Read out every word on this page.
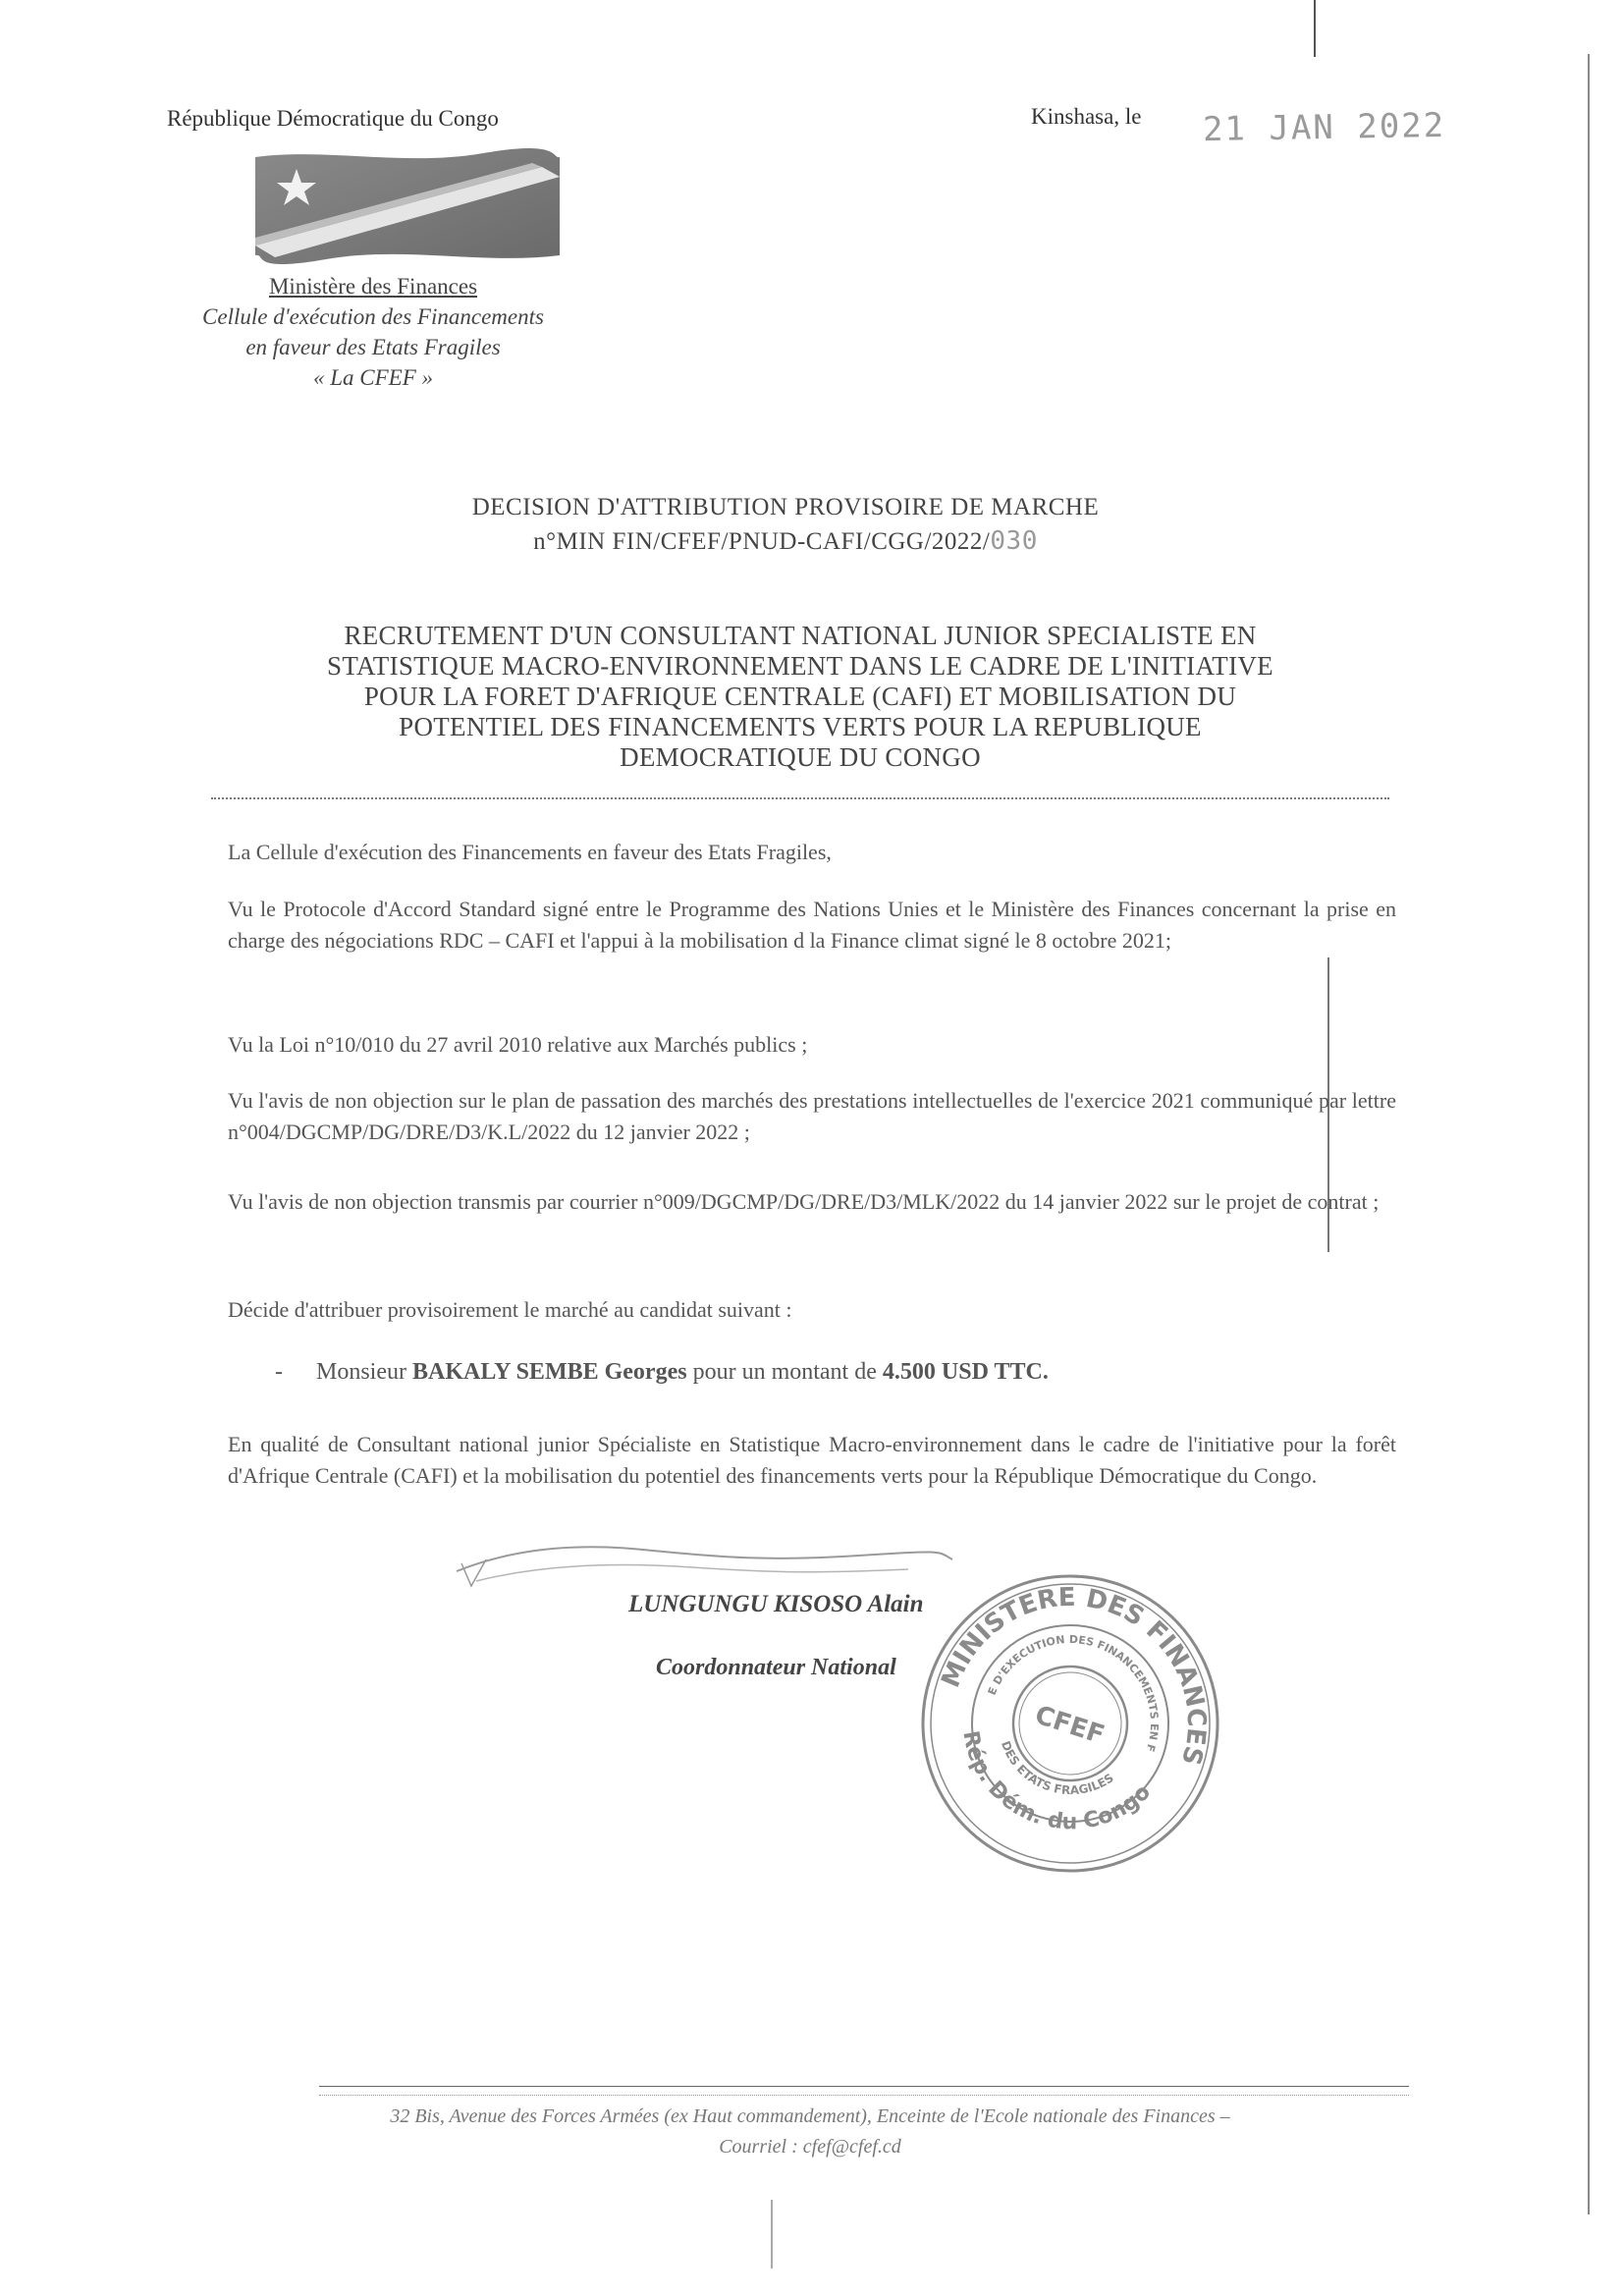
République Démocratique du Congo
Ministère des Finances
Cellule d'exécution des Financements
en faveur des Etats Fragiles
« La CFEF »
Kinshasa, le 21 JAN 2022
DECISION D'ATTRIBUTION PROVISOIRE DE MARCHE
n°MIN FIN/CFEF/PNUD-CAFI/CGG/2022/030
RECRUTEMENT D'UN CONSULTANT NATIONAL JUNIOR SPECIALISTE EN
STATISTIQUE MACRO-ENVIRONNEMENT DANS LE CADRE DE L'INITIATIVE
POUR LA FORET D'AFRIQUE CENTRALE (CAFI) ET MOBILISATION DU
POTENTIEL DES FINANCEMENTS VERTS POUR LA REPUBLIQUE
DEMOCRATIQUE DU CONGO
La Cellule d'exécution des Financements en faveur des Etats Fragiles,
Vu le Protocole d'Accord Standard signé entre le Programme des Nations Unies et le Ministère des Finances concernant la prise en charge des négociations RDC – CAFI et l'appui à la mobilisation d la Finance climat signé le 8 octobre 2021;
Vu la Loi n°10/010 du 27 avril 2010 relative aux Marchés publics ;
Vu l'avis de non objection sur le plan de passation des marchés des prestations intellectuelles de l'exercice 2021 communiqué par lettre n°004/DGCMP/DG/DRE/D3/K.L/2022 du 12 janvier 2022 ;
Vu l'avis de non objection transmis par courrier n°009/DGCMP/DG/DRE/D3/MLK/2022 du 14 janvier 2022 sur le projet de contrat ;
Décide d'attribuer provisoirement le marché au candidat suivant :
- Monsieur BAKALY SEMBE Georges pour un montant de 4.500 USD TTC.
En qualité de Consultant national junior Spécialiste en Statistique Macro-environnement dans le cadre de l'initiative pour la forêt d'Afrique Centrale (CAFI) et la mobilisation du potentiel des financements verts pour la République Démocratique du Congo.
LUNGUNGU KISOSO Alain
Coordonnateur National MINISTERE DES FINANCES
Rép. Dém. du Congo
CELLULE D'EXECUTION DES FINANCEMENTS EN FAVEUR
DES ETATS FRAGILES
CFEF
32 Bis, Avenue des Forces Armées (ex Haut commandement), Enceinte de l'Ecole nationale des Finances –
Courriel : cfef@cfef.cd
